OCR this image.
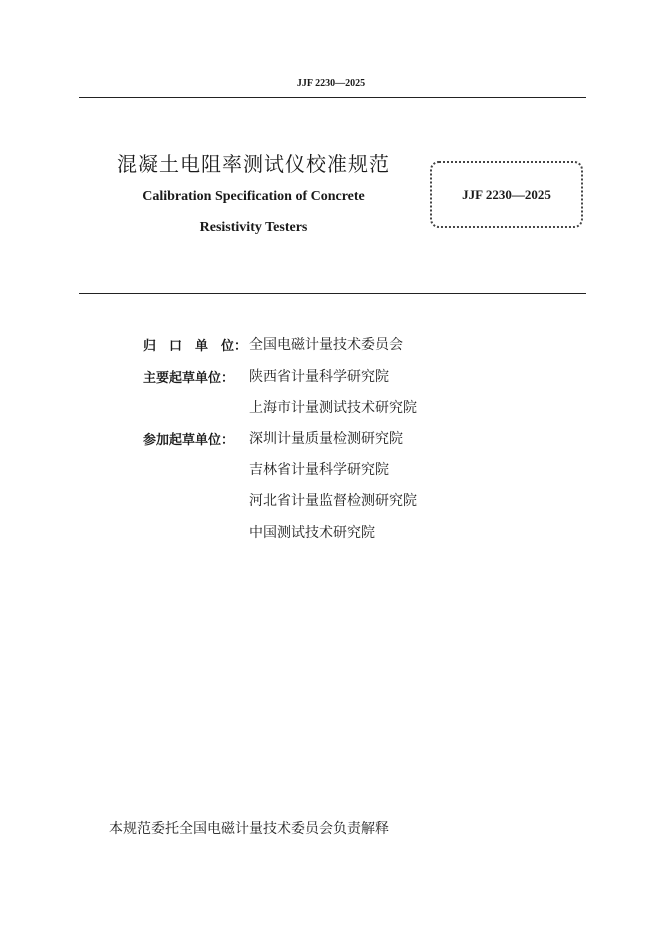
JJF 2230—2025
混凝土电阻率测试仪校准规范
Calibration Specification of Concrete
Resistivity Testers
JJF 2230—2025
归　口　单　位： 全国电磁计量技术委员会
主要起草单位： 陕西省计量科学研究院
上海市计量测试技术研究院
参加起草单位： 深圳计量质量检测研究院
吉林省计量科学研究院
河北省计量监督检测研究院
中国测试技术研究院
本规范委托全国电磁计量技术委员会负责解释
